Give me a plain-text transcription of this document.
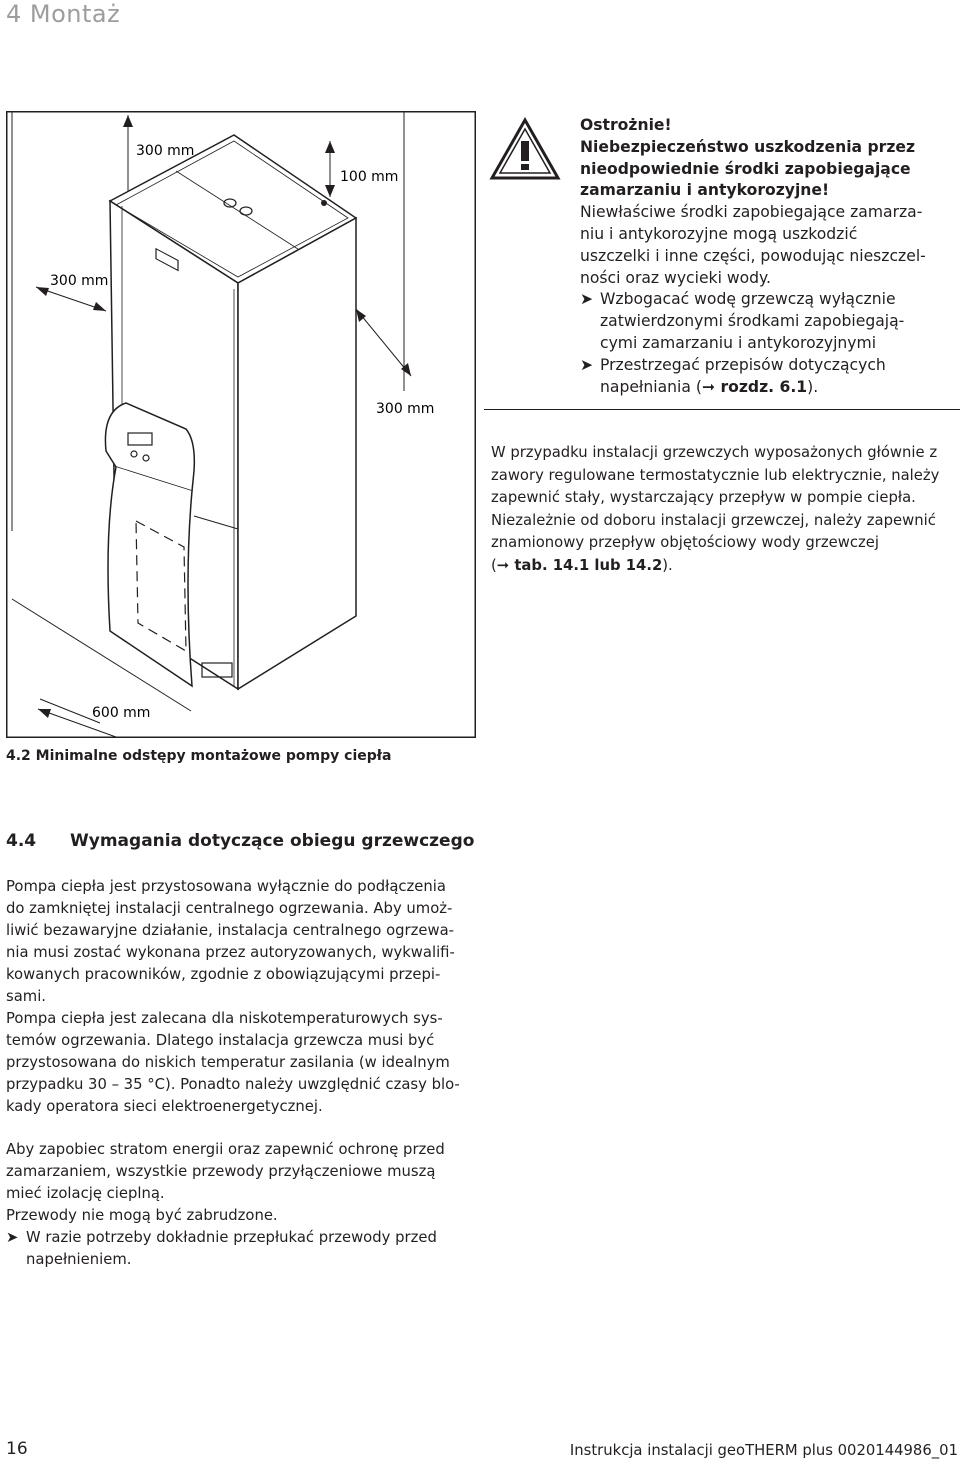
4 Montaż
300 mm
100 mm
300 mm
300 mm
600 mm
4.2 Minimalne odstępy montażowe pompy ciepła
Ostrożnie!
Niebezpieczeństwo uszkodzenia przez
nieodpowiednie środki zapobiegające
zamarzaniu i antykorozyjne!
Niewłaściwe środki zapobiegające zamarza-
niu i antykorozyjne mogą uszkodzić
uszczelki i inne części, powodując nieszczel-
ności oraz wycieki wody.
➤ Wzbogacać wodę grzewczą wyłącznie
zatwierdzonymi środkami zapobiegają-
cymi zamarzaniu i antykorozyjnymi
➤ Przestrzegać przepisów dotyczących
napełniania (➞ rozdz. 6.1).
W przypadku instalacji grzewczych wyposażonych głównie z
zawory regulowane termostatycznie lub elektrycznie, należy
zapewnić stały, wystarczający przepływ w pompie ciepła.
Niezależnie od doboru instalacji grzewczej, należy zapewnić
znamionowy przepływ objętościowy wody grzewczej
(➞ tab. 14.1 lub 14.2).
4.4 Wymagania dotyczące obiegu grzewczego
Pompa ciepła jest przystosowana wyłącznie do podłączenia
do zamkniętej instalacji centralnego ogrzewania. Aby umoż-
liwić bezawaryjne działanie, instalacja centralnego ogrzewa-
nia musi zostać wykonana przez autoryzowanych, wykwalifi-
kowanych pracowników, zgodnie z obowiązującymi przepi-
sami.
Pompa ciepła jest zalecana dla niskotemperaturowych sys-
temów ogrzewania. Dlatego instalacja grzewcza musi być
przystosowana do niskich temperatur zasilania (w idealnym
przypadku 30 – 35 °C). Ponadto należy uwzględnić czasy blo-
kady operatora sieci elektroenergetycznej.
Aby zapobiec stratom energii oraz zapewnić ochronę przed
zamarzaniem, wszystkie przewody przyłączeniowe muszą
mieć izolację cieplną.
Przewody nie mogą być zabrudzone.
➤ W razie potrzeby dokładnie przepłukać przewody przed
napełnieniem.
16	Instrukcja instalacji geoTHERM plus 0020144986_01
